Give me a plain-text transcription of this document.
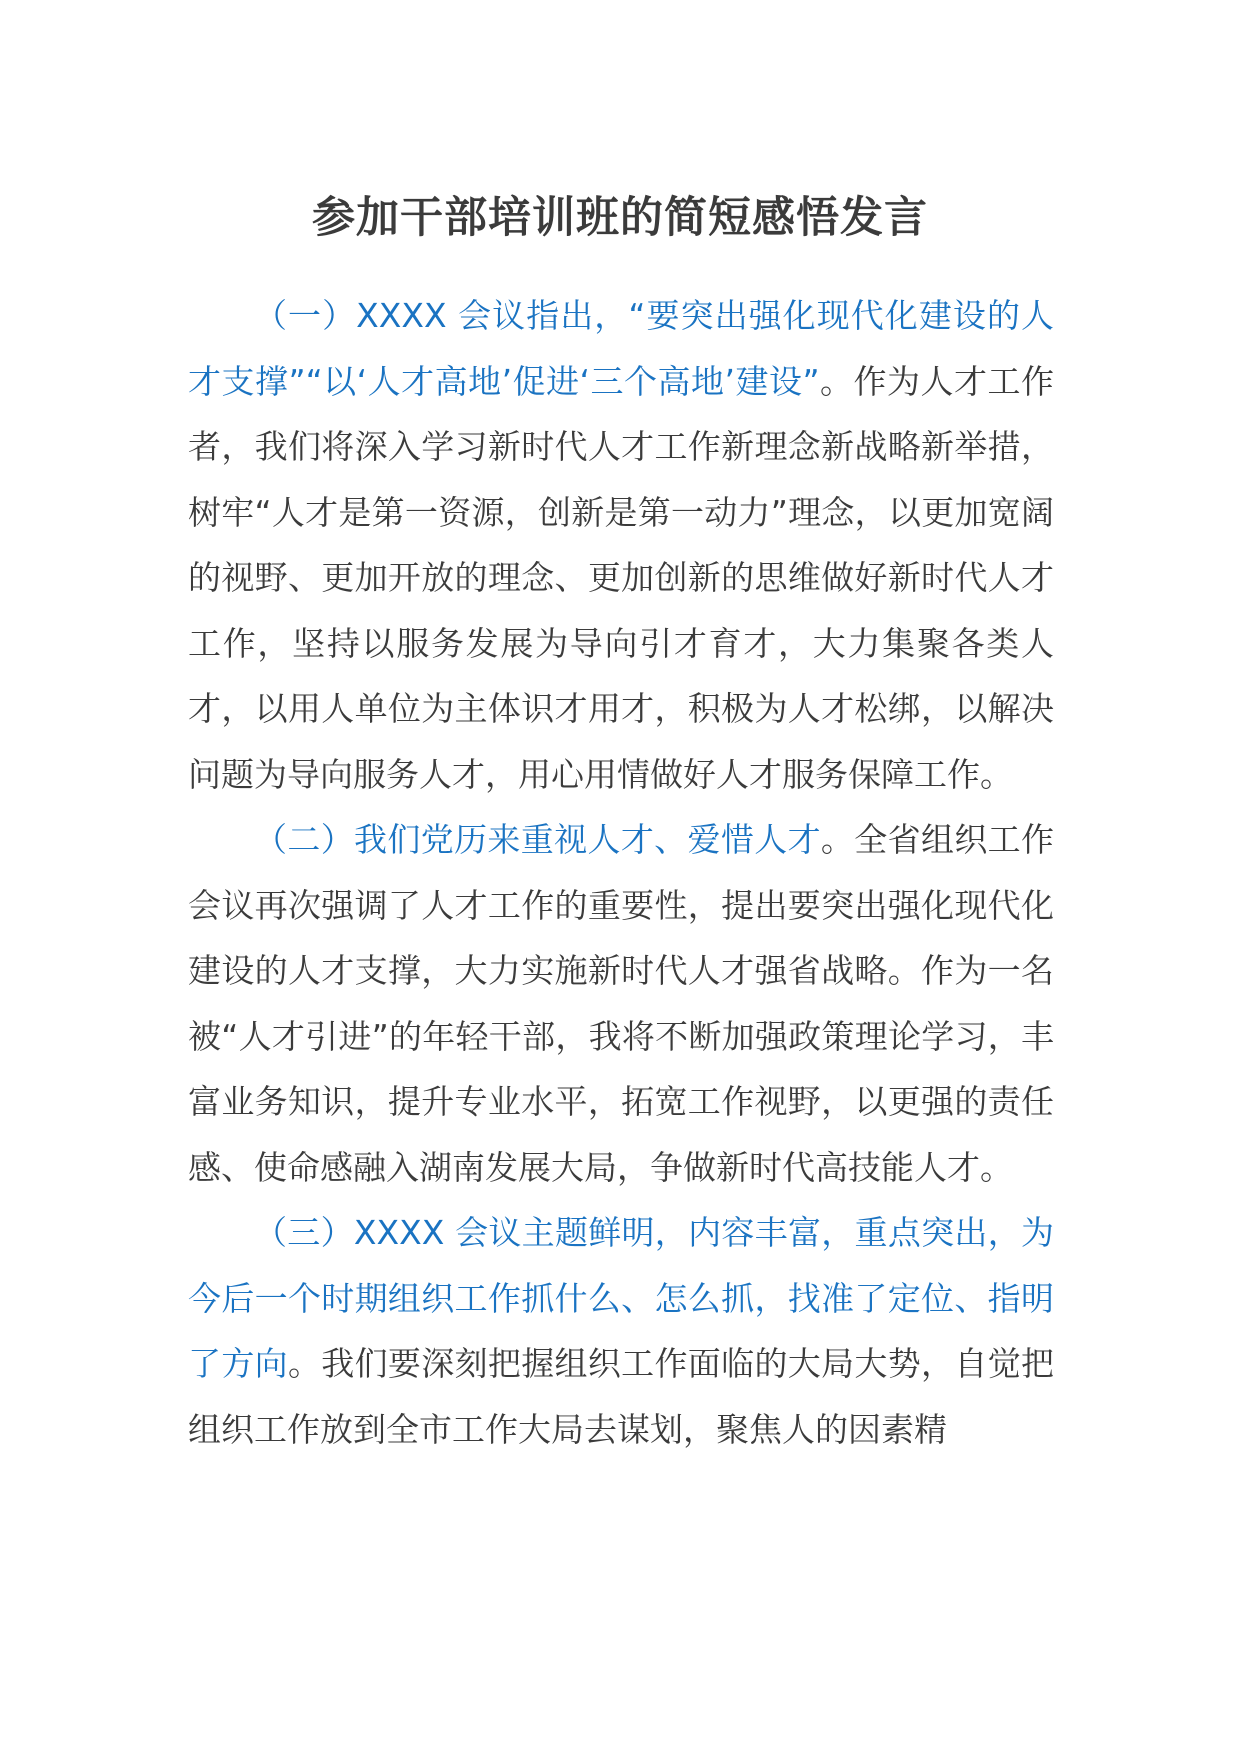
参加干部培训班的简短感悟发言

（一）XXXX 会议指出，“要突出强化现代化建设的人才支撑”“以‘人才高地’促进‘三个高地’建设”。作为人才工作者，我们将深入学习新时代人才工作新理念新战略新举措，树牢“人才是第一资源，创新是第一动力”理念，以更加宽阔的视野、更加开放的理念、更加创新的思维做好新时代人才工作，坚持以服务发展为导向引才育才，大力集聚各类人才，以用人单位为主体识才用才，积极为人才松绑，以解决问题为导向服务人才，用心用情做好人才服务保障工作。

（二）我们党历来重视人才、爱惜人才。全省组织工作会议再次强调了人才工作的重要性，提出要突出强化现代化建设的人才支撑，大力实施新时代人才强省战略。作为一名被“人才引进”的年轻干部，我将不断加强政策理论学习，丰富业务知识，提升专业水平，拓宽工作视野，以更强的责任感、使命感融入湖南发展大局，争做新时代高技能人才。

（三）XXXX 会议主题鲜明，内容丰富，重点突出，为今后一个时期组织工作抓什么、怎么抓，找准了定位、指明了方向。我们要深刻把握组织工作面临的大局大势，自觉把组织工作放到全市工作大局去谋划，聚焦人的因素精
